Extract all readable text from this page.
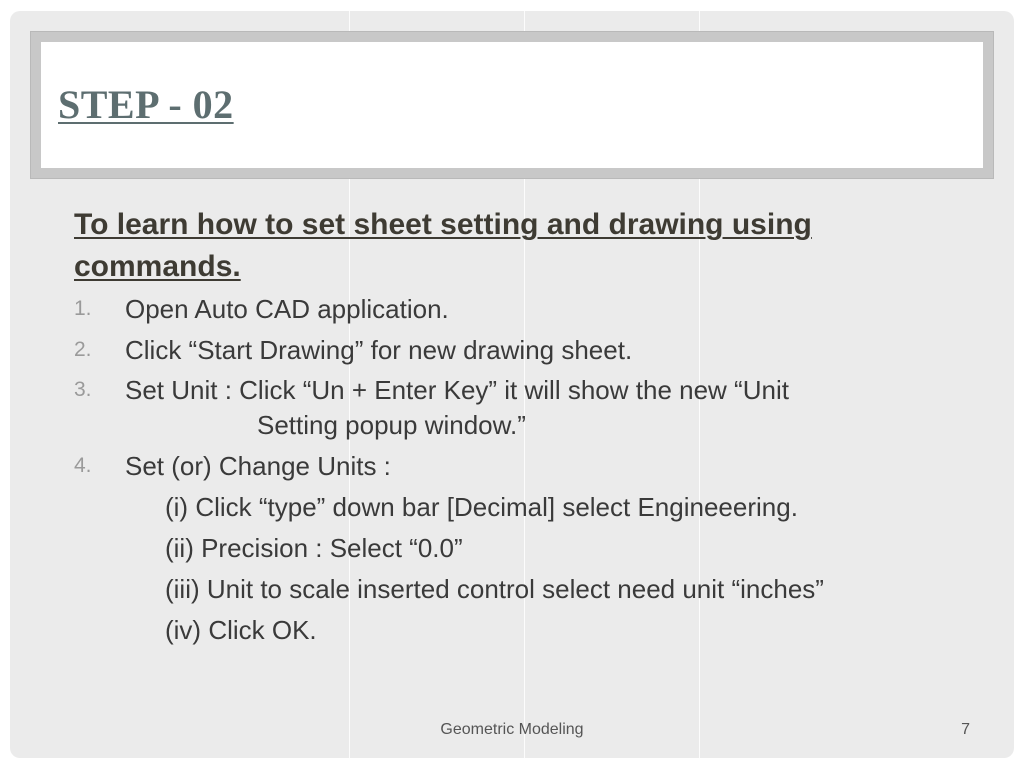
STEP - 02
To learn how to set sheet setting and drawing using commands.
1. Open Auto CAD application.
2. Click “Start Drawing” for new drawing sheet.
3. Set Unit : Click “Un + Enter Key” it will show the new “Unit
Setting popup window.”
4. Set (or) Change Units :
(i) Click “type” down bar [Decimal] select Engineeering.
(ii) Precision : Select “0.0”
(iii) Unit to scale inserted control select need unit “inches”
(iv) Click OK.
Geometric Modeling	7
